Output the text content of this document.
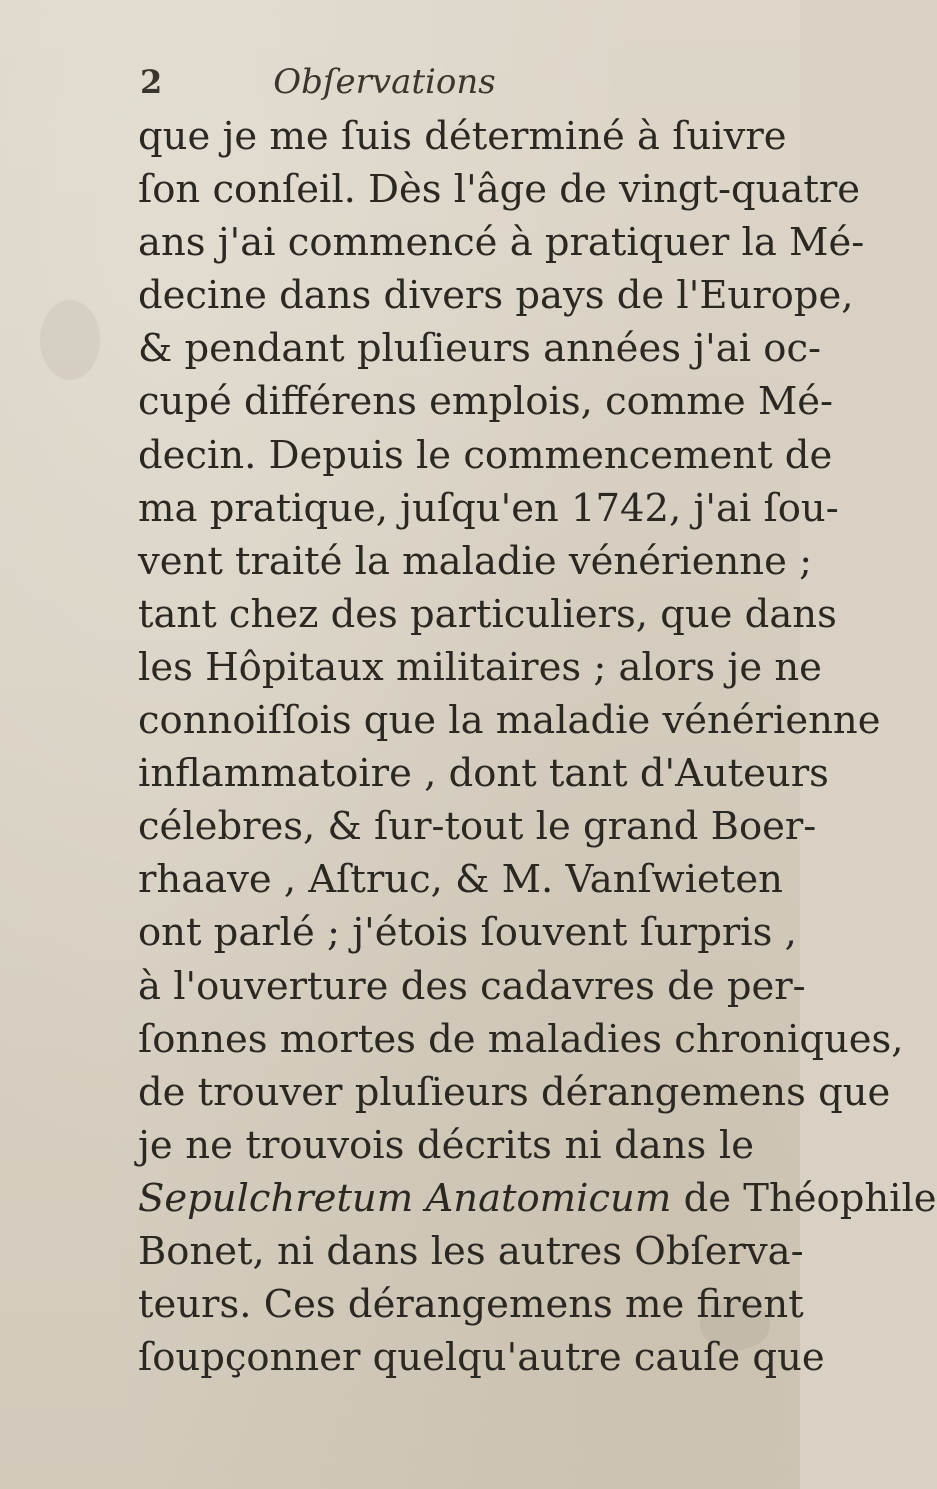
2	Obſervations
que je me ſuis déterminé à ſuivre
ſon conſeil. Dès l'âge de vingt-quatre
ans j'ai commencé à pratiquer la Mé-
decine dans divers pays de l'Europe,
& pendant pluſieurs années j'ai oc-
cupé différens emplois, comme Mé-
decin. Depuis le commencement de
ma pratique, juſqu'en 1742, j'ai ſou-
vent traité la maladie vénérienne ;
tant chez des particuliers, que dans
les Hôpitaux militaires ; alors je ne
connoiſſois que la maladie vénérienne
inflammatoire , dont tant d'Auteurs
célebres, & ſur-tout le grand Boer-
rhaave , Aſtruc, & M. Vanſwieten
ont parlé ; j'étois ſouvent ſurpris ,
à l'ouverture des cadavres de per-
ſonnes mortes de maladies chroniques,
de trouver pluſieurs dérangemens que
je ne trouvois décrits ni dans le
Sepulchretum Anatomicum de Théophile
Bonet, ni dans les autres Obſerva-
teurs. Ces dérangemens me firent
ſoupçonner quelqu'autre cauſe que
